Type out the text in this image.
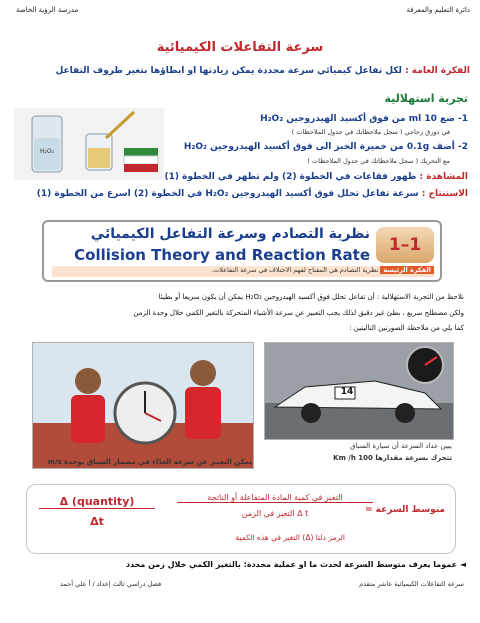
دائرة التعليم والمعرفة
مدرسة الرؤية الخاصة
سرعة التفاعلات الكيميائية
الفكرة العامة : لكل تفاعل كيميائي سرعة محددة يمكن زيادتها او ابطاؤها بتغير ظروف التفاعل
تجربة استهلالية
H₂O₂
1- ضع 10 ml من فوق أكسيد الهيدروجين H₂O₂
في دورق زجاجي ( سجل ملاحظاتك في جدول الملاحظات )
2- أضف 0.1g من خميرة الخبز الى فوق أكسيد الهيدروجين H₂O₂
مع التحريك ( سجل ملاحظاتك في جدول الملاحظات )
المشاهدة : ظهور فقاعات في الخطوة (2) ولم تظهر في الخطوة (1)
الاستنتاج : سرعة تفاعل تحلل فوق أكسيد الهيدروجين H₂O₂ في الخطوة (2) اسرع من الخطوة (1)
1–1
نظرية التصادم وسرعة التفاعل الكيميائي
Collision Theory and Reaction Rate
الفكرة الرئيسة نظرية التصادم هي المفتاح لفهم الاختلاف في سرعة التفاعلات.
نلاحظ من التجربة الاستهلالية : أن تفاعل تحلل فوق أكسيد الهيدروجين H₂O₂ يمكن أن يكون سريعا أو بطيئا
ولكن مصطلح سريع ، بطئ غير دقيق لذلك يجب التعبير عن سرعة الأشياء المتحركة بالتغير الكمي خلال وحدة الزمن
كما يلي من ملاحظة الصورتين التاليتين :
يمكن التعبير عن سرعة العدّاء في مضمار السباق بوحدة m/s
14
يبين عداد السرعة أن سيارة السباق
تتحرك بسرعة مقدارها 100 Km /h
Δ (quantity)
Δt
متوسط السرعة =
التغير في كمية المادة المتفاعلة أو الناتجة
التغير في الزمن Δ t
الرمز دلتا (Δ) التغير في هذه الكمية
◄ عموما يعرف متوسط السرعة لحدث ما او عملية محددة: بالتغير الكمي خلال زمن محدد
سرعة التفاعلات الكيميائية عاشر متقدم
فصل دراسي ثالث إعداد / أ علي أحمد
